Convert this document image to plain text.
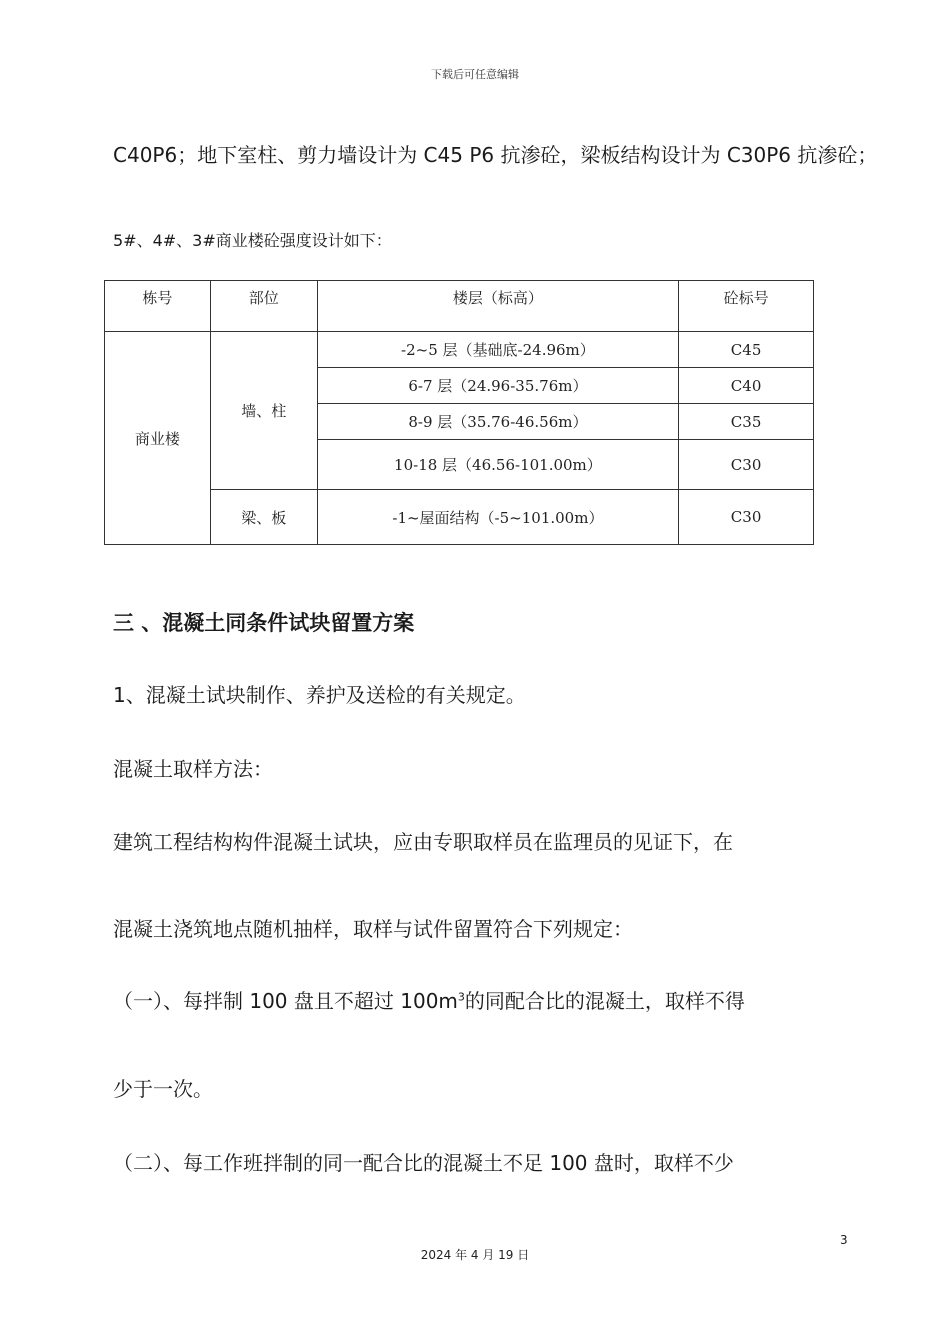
下载后可任意编辑
C40P6；地下室柱、剪力墙设计为 C45 P6 抗渗砼，梁板结构设计为 C30P6 抗渗砼；
5#、4#、3#商业楼砼强度设计如下：
栋号	部位	楼层（标高）	砼标号
商业楼	墙、柱	-2~5 层（基础底-24.96m）	C45
		6-7 层（24.96-35.76m）	C40
		8-9 层（35.76-46.56m）	C35
		10-18 层（46.56-101.00m）	C30
	梁、板	-1~屋面结构（-5~101.00m）	C30
三 、混凝土同条件试块留置方案
1、混凝土试块制作、养护及送检的有关规定。
混凝土取样方法：
建筑工程结构构件混凝土试块，应由专职取样员在监理员的见证下，在
混凝土浇筑地点随机抽样，取样与试件留置符合下列规定：
（一）、每拌制 100 盘且不超过 $100m^3$的同配合比的混凝土，取样不得
少于一次。
（二）、每工作班拌制的同一配合比的混凝土不足 100 盘时，取样不少
3
2024 年 4 月 19 日
